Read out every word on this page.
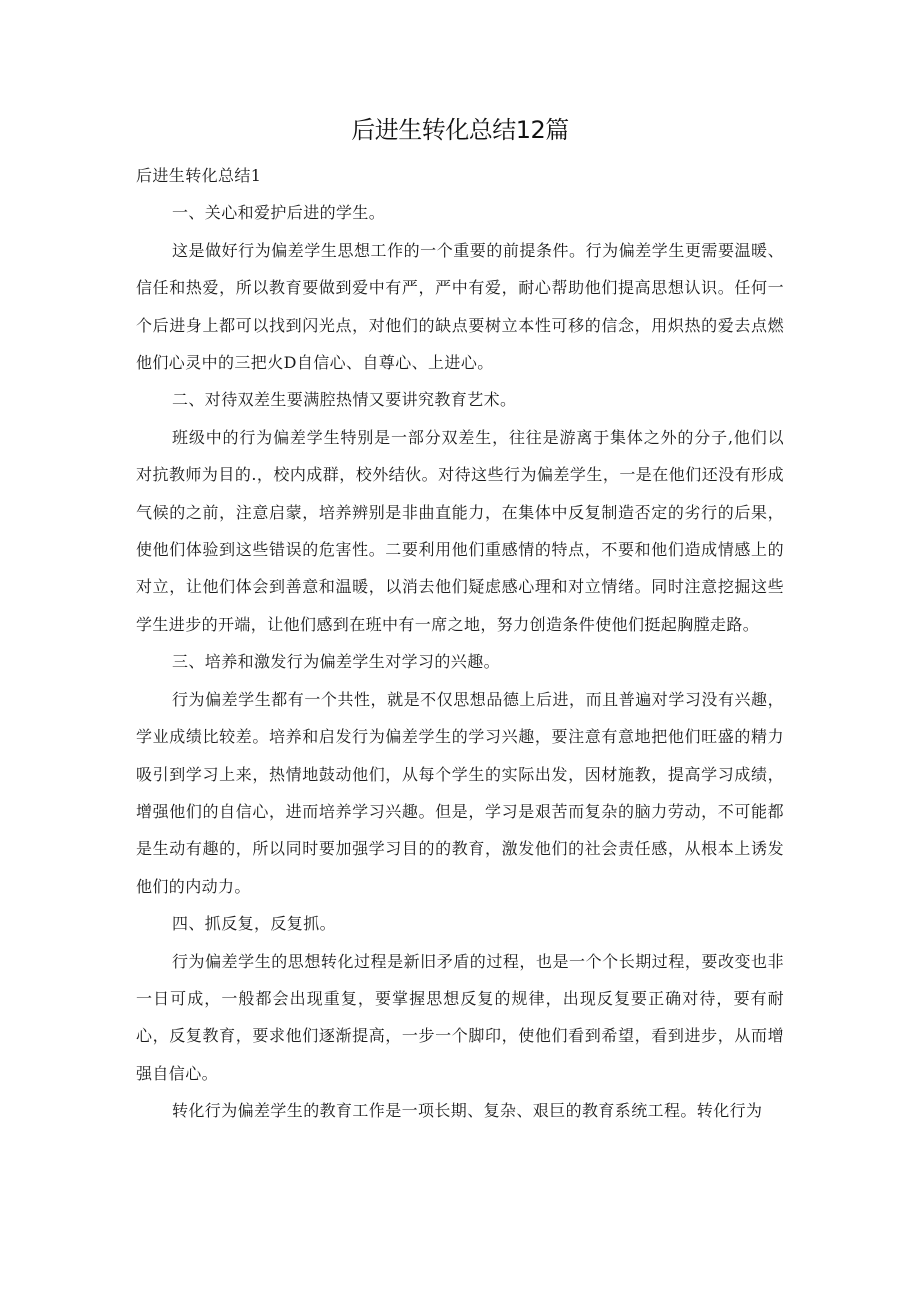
后进生转化总结12篇

后进生转化总结1

一、关心和爱护后进的学生。

这是做好行为偏差学生思想工作的一个重要的前提条件。行为偏差学生更需要温暖、信任和热爱，所以教育要做到爱中有严，严中有爱，耐心帮助他们提高思想认识。任何一个后进身上都可以找到闪光点，对他们的缺点要树立本性可移的信念，用炽热的爱去点燃他们心灵中的三把火D自信心、自尊心、上进心。

二、对待双差生要满腔热情又要讲究教育艺术。

班级中的行为偏差学生特别是一部分双差生，往往是游离于集体之外的分子,他们以对抗教师为目的.，校内成群，校外结伙。对待这些行为偏差学生，一是在他们还没有形成气候的之前，注意启蒙，培养辨别是非曲直能力，在集体中反复制造否定的劣行的后果，使他们体验到这些错误的危害性。二要利用他们重感情的特点，不要和他们造成情感上的对立，让他们体会到善意和温暖，以消去他们疑虑感心理和对立情绪。同时注意挖掘这些学生进步的开端，让他们感到在班中有一席之地，努力创造条件使他们挺起胸膛走路。

三、培养和激发行为偏差学生对学习的兴趣。

行为偏差学生都有一个共性，就是不仅思想品德上后进，而且普遍对学习没有兴趣，学业成绩比较差。培养和启发行为偏差学生的学习兴趣，要注意有意地把他们旺盛的精力吸引到学习上来，热情地鼓动他们，从每个学生的实际出发，因材施教，提高学习成绩，增强他们的自信心，进而培养学习兴趣。但是，学习是艰苦而复杂的脑力劳动，不可能都是生动有趣的，所以同时要加强学习目的的教育，激发他们的社会责任感，从根本上诱发他们的内动力。

四、抓反复，反复抓。

行为偏差学生的思想转化过程是新旧矛盾的过程，也是一个个长期过程，要改变也非一日可成，一般都会出现重复，要掌握思想反复的规律，出现反复要正确对待，要有耐心，反复教育，要求他们逐渐提高，一步一个脚印，使他们看到希望，看到进步，从而增强自信心。

转化行为偏差学生的教育工作是一项长期、复杂、艰巨的教育系统工程。转化行为
